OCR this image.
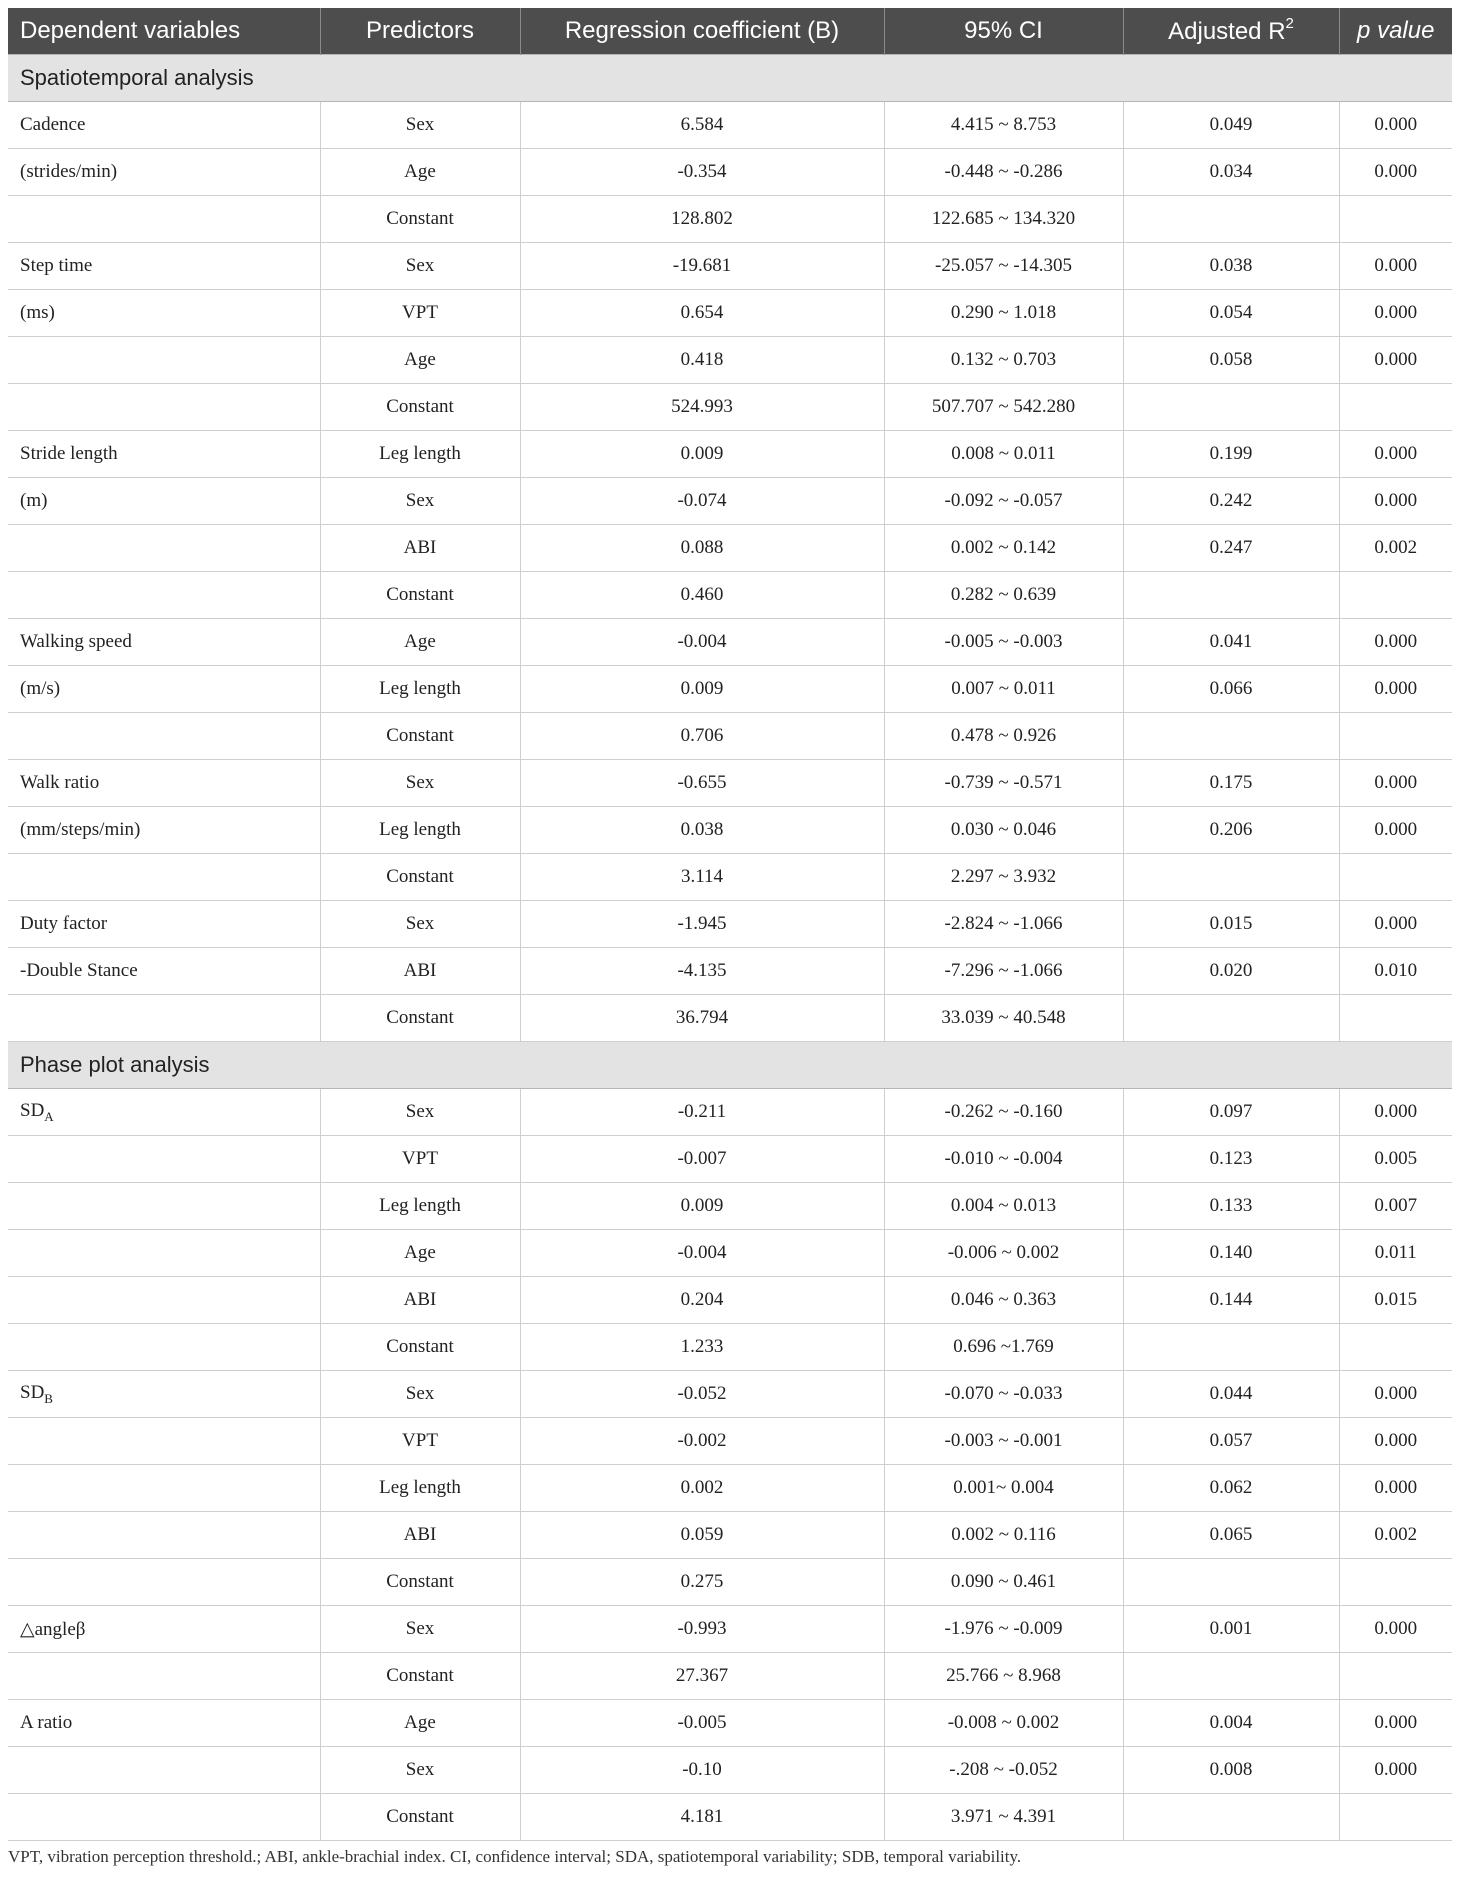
Dependent variables	Predictors	Regression coefficient (B)	95% CI	Adjusted $R^2$	p value
Spatiotemporal analysis					
Cadence	Sex	6.584	4.415 ~ 8.753	0.049	0.000
(strides/min)	Age	-0.354	-0.448 ~ -0.286	0.034	0.000
	Constant	128.802	122.685 ~ 134.320		
Step time	Sex	-19.681	-25.057 ~ -14.305	0.038	0.000
(ms)	VPT	0.654	0.290 ~ 1.018	0.054	0.000
	Age	0.418	0.132 ~ 0.703	0.058	0.000
	Constant	524.993	507.707 ~ 542.280		
Stride length	Leg length	0.009	0.008 ~ 0.011	0.199	0.000
(m)	Sex	-0.074	-0.092 ~ -0.057	0.242	0.000
	ABI	0.088	0.002 ~ 0.142	0.247	0.002
	Constant	0.460	0.282 ~ 0.639		
Walking speed	Age	-0.004	-0.005 ~ -0.003	0.041	0.000
(m/s)	Leg length	0.009	0.007 ~ 0.011	0.066	0.000
	Constant	0.706	0.478 ~ 0.926		
Walk ratio	Sex	-0.655	-0.739 ~ -0.571	0.175	0.000
(mm/steps/min)	Leg length	0.038	0.030 ~ 0.046	0.206	0.000
	Constant	3.114	2.297 ~ 3.932		
Duty factor	Sex	-1.945	-2.824 ~ -1.066	0.015	0.000
-Double Stance	ABI	-4.135	-7.296 ~ -1.066	0.020	0.010
	Constant	36.794	33.039 ~ 40.548		
Phase plot analysis					
$SD_A$	Sex	-0.211	-0.262 ~ -0.160	0.097	0.000
	VPT	-0.007	-0.010 ~ -0.004	0.123	0.005
	Leg length	0.009	0.004 ~ 0.013	0.133	0.007
	Age	-0.004	-0.006 ~ 0.002	0.140	0.011
	ABI	0.204	0.046 ~ 0.363	0.144	0.015
	Constant	1.233	0.696 ~1.769		
$SD_B$	Sex	-0.052	-0.070 ~ -0.033	0.044	0.000
	VPT	-0.002	-0.003 ~ -0.001	0.057	0.000
	Leg length	0.002	0.001~ 0.004	0.062	0.000
	ABI	0.059	0.002 ~ 0.116	0.065	0.002
	Constant	0.275	0.090 ~ 0.461		
△angleβ	Sex	-0.993	-1.976 ~ -0.009	0.001	0.000
	Constant	27.367	25.766 ~ 8.968		
A ratio	Age	-0.005	-0.008 ~ 0.002	0.004	0.000
	Sex	-0.10	-.208 ~ -0.052	0.008	0.000
	Constant	4.181	3.971 ~ 4.391		
VPT, vibration perception threshold.; ABI, ankle-brachial index. CI, confidence interval; SDA, spatiotemporal variability; SDB, temporal variability.
